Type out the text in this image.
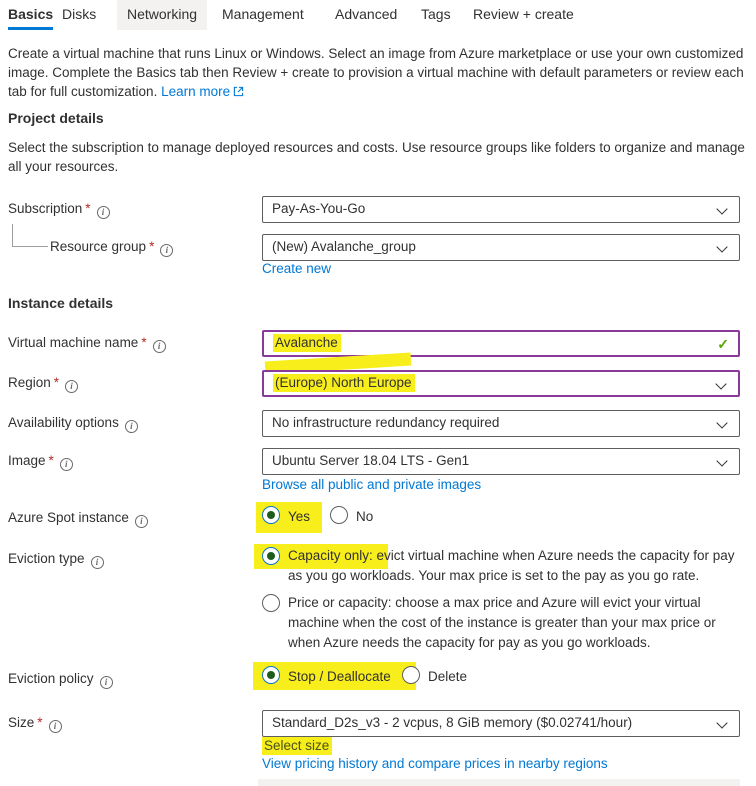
Basics Disks	Networking	Management Advanced Tags Review + create
Create a virtual machine that runs Linux or Windows. Select an image from Azure marketplace or use your own customized image. Complete the Basics tab then Review + create to provision a virtual machine with default parameters or review each tab for full customization. Learn more
Project details
Select the subscription to manage deployed resources and costs. Use resource groups like folders to organize and manage all your resources.
Subscription * i	Pay-As-You-Go
Resource group * i	(New) Avalanche_group
Create new
Instance details
Virtual machine name * i	Avalanche	✓
Region * i	(Europe) North Europe
Availability options i	No infrastructure redundancy required
Image * i	Ubuntu Server 18.04 LTS - Gen1
Browse all public and private images
Azure Spot instance i	Yes	No
Eviction type i	Capacity only: evict virtual machine when Azure needs the capacity for pay as you go workloads. Your max price is set to the pay as you go rate.
Price or capacity: choose a max price and Azure will evict your virtual machine when the cost of the instance is greater than your max price or when Azure needs the capacity for pay as you go workloads.
Eviction policy i	Stop / Deallocate	Delete
Size * i	Standard_D2s_v3 - 2 vcpus, 8 GiB memory ($0.02741/hour)
Select size
View pricing history and compare prices in nearby regions
